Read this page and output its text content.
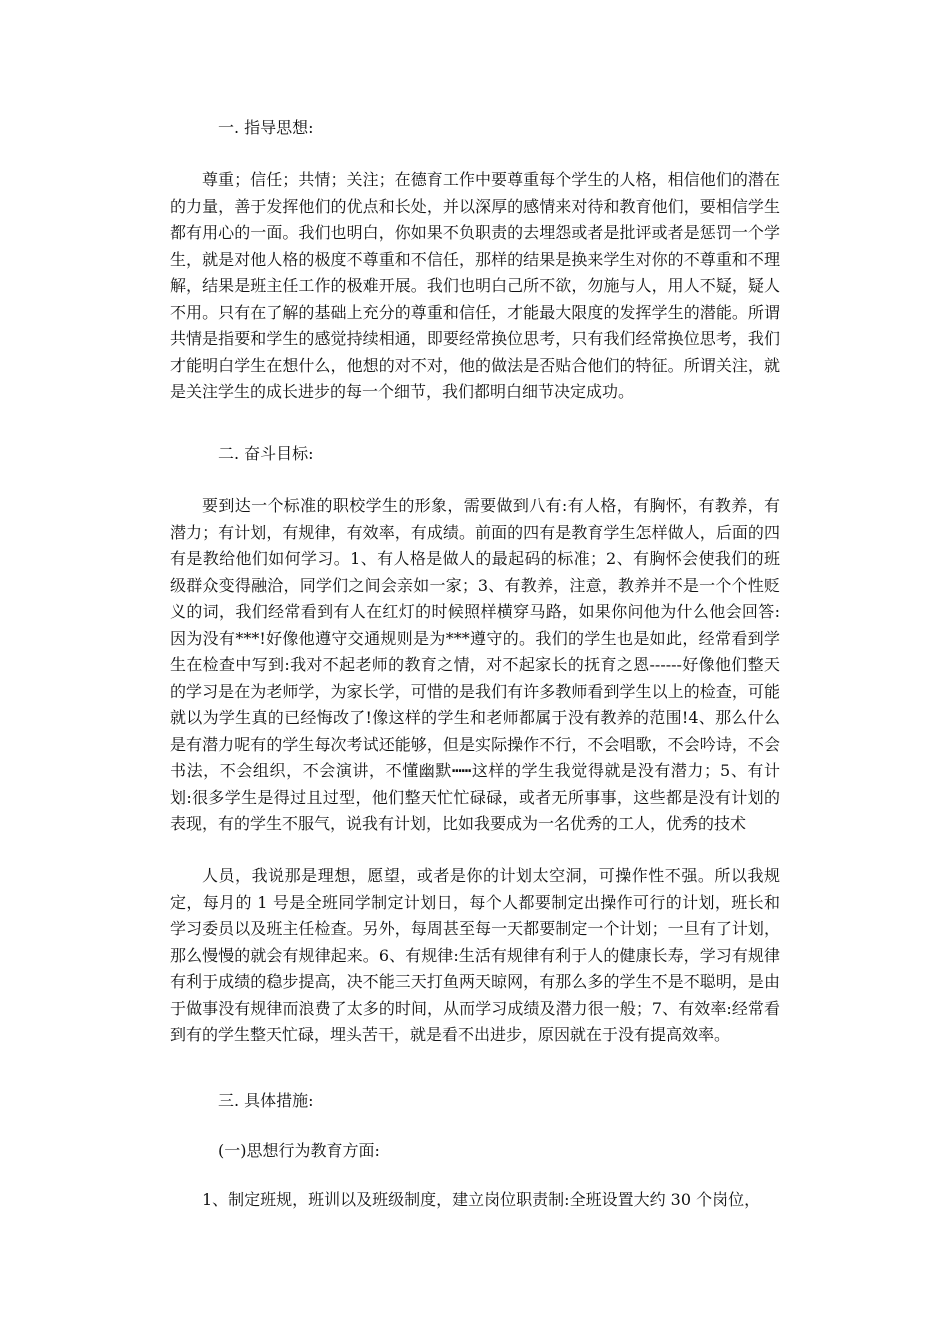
一. 指导思想:

尊重；信任；共情；关注；在德育工作中要尊重每个学生的人格，相信他们的潜在的力量，善于发挥他们的优点和长处，并以深厚的感情来对待和教育他们，要相信学生都有用心的一面。我们也明白，你如果不负职责的去埋怨或者是批评或者是惩罚一个学生，就是对他人格的极度不尊重和不信任，那样的结果是换来学生对你的不尊重和不理解，结果是班主任工作的极难开展。我们也明白己所不欲，勿施与人，用人不疑，疑人不用。只有在了解的基础上充分的尊重和信任，才能最大限度的发挥学生的潜能。所谓共情是指要和学生的感觉持续相通，即要经常换位思考，只有我们经常换位思考，我们才能明白学生在想什么，他想的对不对，他的做法是否贴合他们的特征。所谓关注，就是关注学生的成长进步的每一个细节，我们都明白细节决定成功。

二. 奋斗目标:

要到达一个标准的职校学生的形象，需要做到八有:有人格，有胸怀，有教养，有潜力；有计划，有规律，有效率，有成绩。前面的四有是教育学生怎样做人，后面的四有是教给他们如何学习。1、有人格是做人的最起码的标准；2、有胸怀会使我们的班级群众变得融洽，同学们之间会亲如一家；3、有教养，注意，教养并不是一个个性贬义的词，我们经常看到有人在红灯的时候照样横穿马路，如果你问他为什么他会回答:因为没有***!好像他遵守交通规则是为***遵守的。我们的学生也是如此，经常看到学生在检查中写到:我对不起老师的教育之情，对不起家长的抚育之恩------好像他们整天的学习是在为老师学，为家长学，可惜的是我们有许多教师看到学生以上的检查，可能就以为学生真的已经悔改了!像这样的学生和老师都属于没有教养的范围!4、那么什么是有潜力呢有的学生每次考试还能够，但是实际操作不行，不会唱歌，不会吟诗，不会书法，不会组织，不会演讲，不懂幽默┅┅这样的学生我觉得就是没有潜力；5、有计划:很多学生是得过且过型，他们整天忙忙碌碌，或者无所事事，这些都是没有计划的表现，有的学生不服气，说我有计划，比如我要成为一名优秀的工人，优秀的技术

人员，我说那是理想，愿望，或者是你的计划太空洞，可操作性不强。所以我规定，每月的 1 号是全班同学制定计划日，每个人都要制定出操作可行的计划，班长和学习委员以及班主任检查。另外，每周甚至每一天都要制定一个计划；一旦有了计划，那么慢慢的就会有规律起来。6、有规律:生活有规律有利于人的健康长寿，学习有规律有利于成绩的稳步提高，决不能三天打鱼两天晾网，有那么多的学生不是不聪明，是由于做事没有规律而浪费了太多的时间，从而学习成绩及潜力很一般；7、有效率:经常看到有的学生整天忙碌，埋头苦干，就是看不出进步，原因就在于没有提高效率。

三. 具体措施:

(一)思想行为教育方面:

1、制定班规，班训以及班级制度，建立岗位职责制:全班设置大约 30 个岗位，
